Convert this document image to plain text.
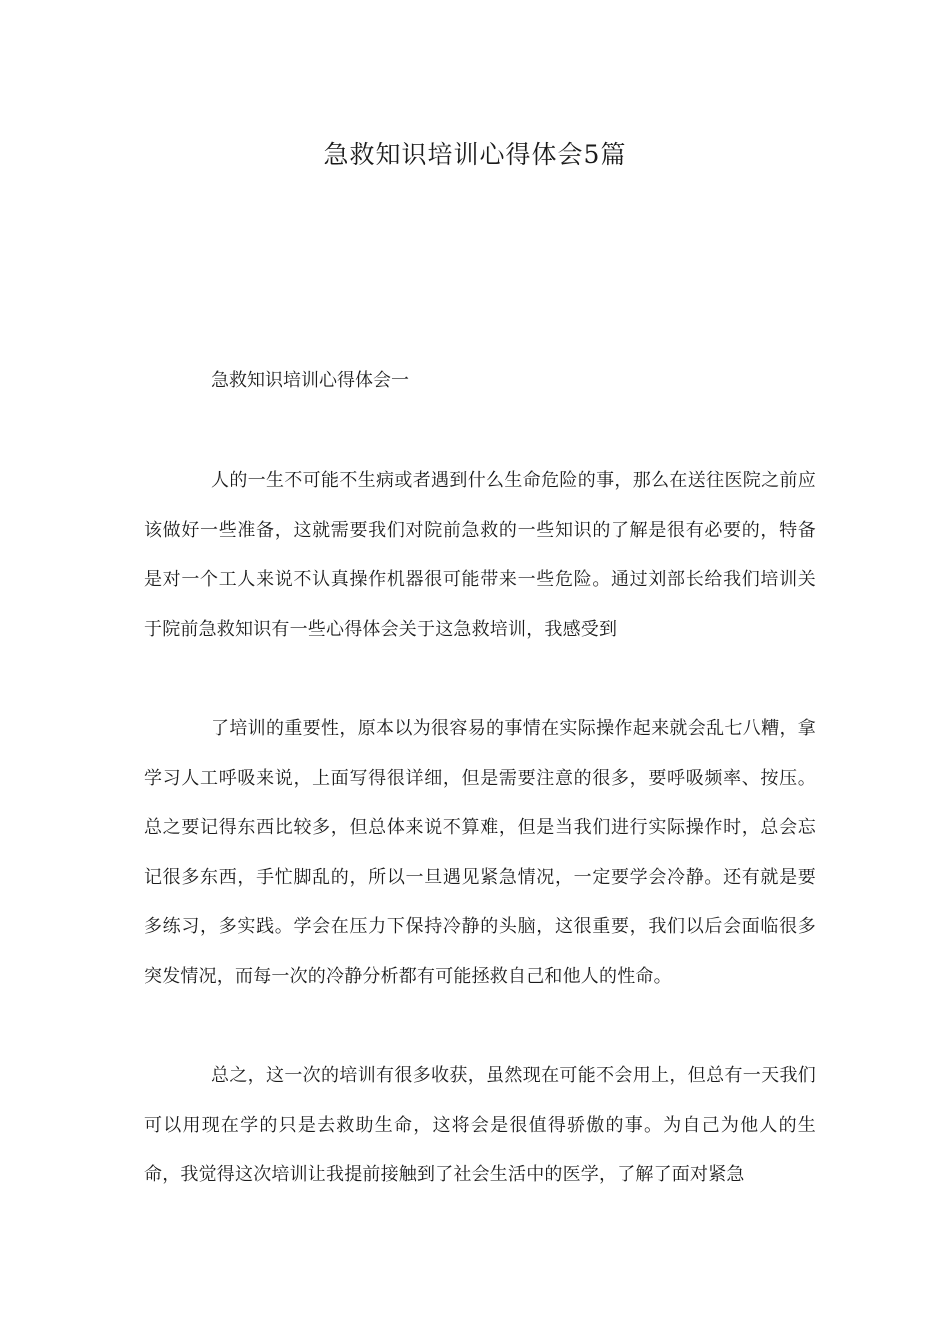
急救知识培训心得体会5篇
急救知识培训心得体会一

人的一生不可能不生病或者遇到什么生命危险的事，那么在送往医院之前应该做好一些准备，这就需要我们对院前急救的一些知识的了解是很有必要的，特备是对一个工人来说不认真操作机器很可能带来一些危险。通过刘部长给我们培训关于院前急救知识有一些心得体会关于这急救培训，我感受到

了培训的重要性，原本以为很容易的事情在实际操作起来就会乱七八糟，拿学习人工呼吸来说，上面写得很详细，但是需要注意的很多，要呼吸频率、按压。总之要记得东西比较多，但总体来说不算难，但是当我们进行实际操作时，总会忘记很多东西，手忙脚乱的，所以一旦遇见紧急情况，一定要学会冷静。还有就是要多练习，多实践。学会在压力下保持冷静的头脑，这很重要，我们以后会面临很多突发情况，而每一次的冷静分析都有可能拯救自己和他人的性命。

总之，这一次的培训有很多收获，虽然现在可能不会用上，但总有一天我们可以用现在学的只是去救助生命，这将会是很值得骄傲的事。为自己为他人的生命，我觉得这次培训让我提前接触到了社会生活中的医学，了解了面对紧急
